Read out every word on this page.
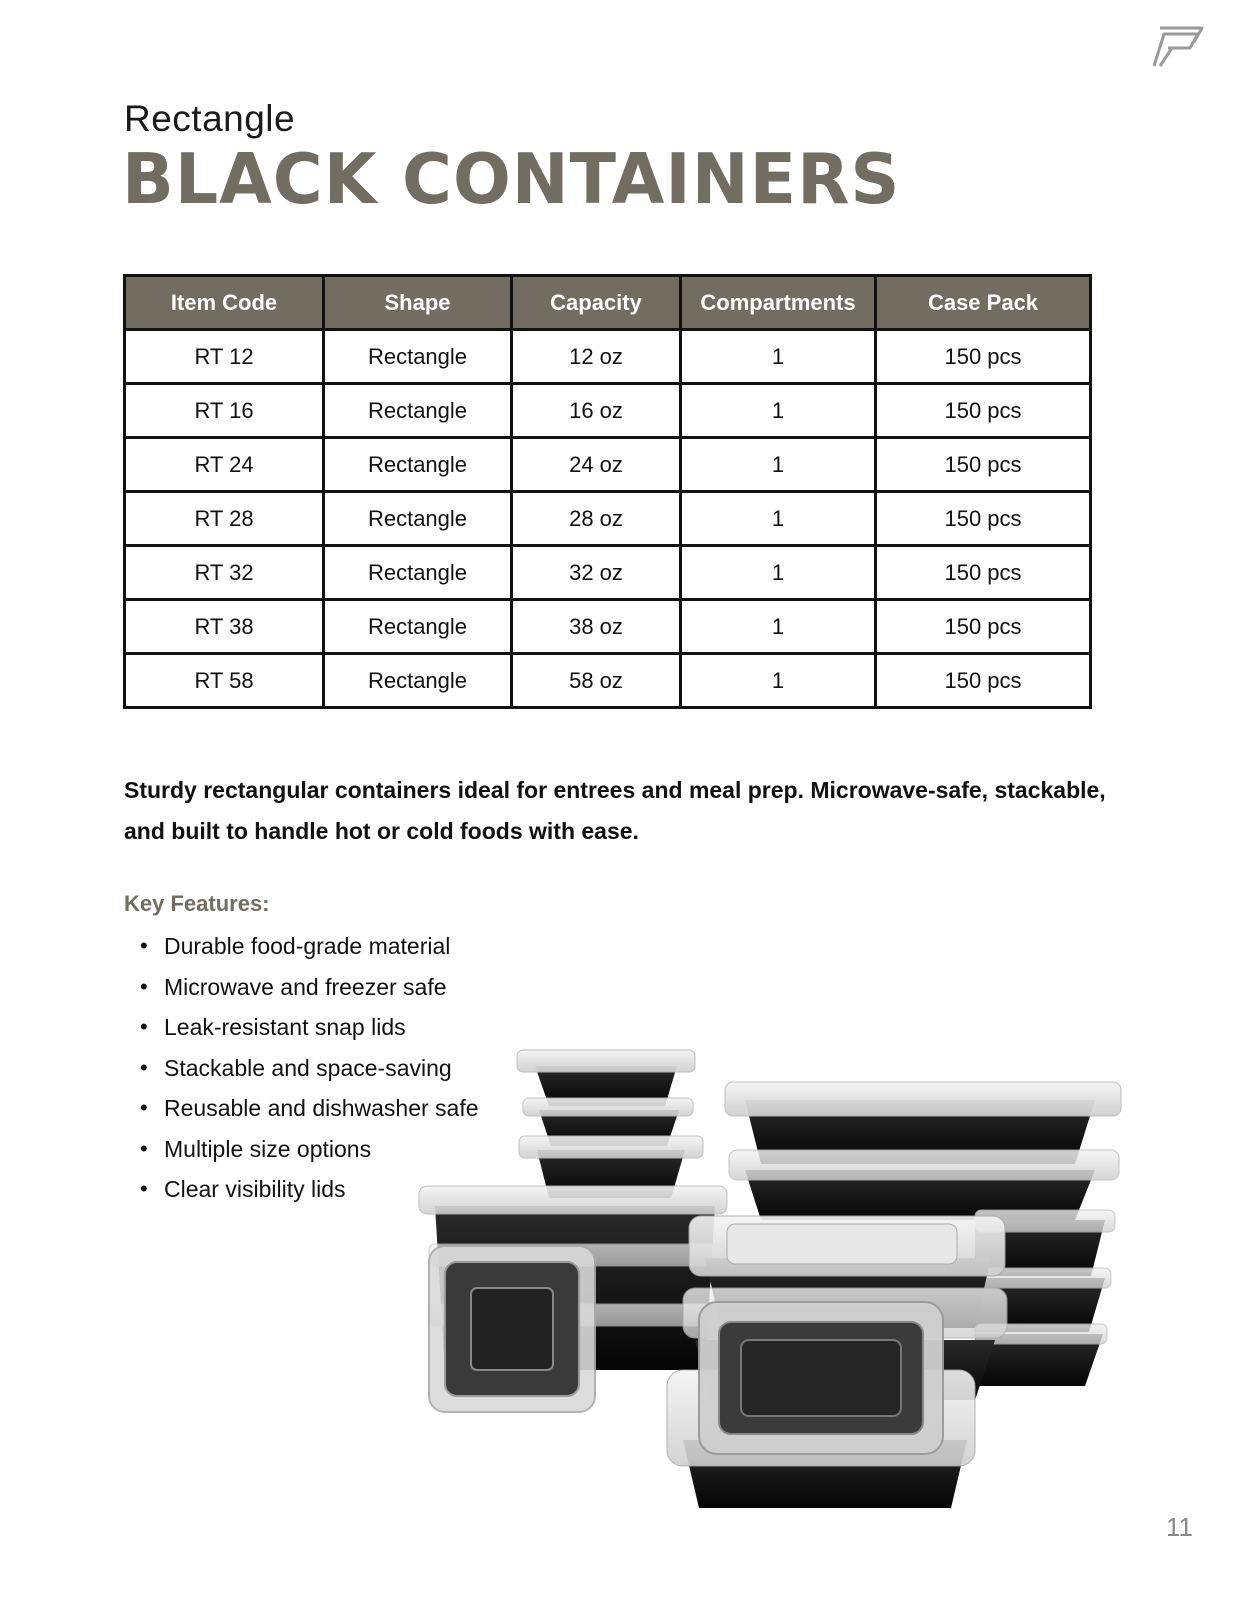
Rectangle
BLACK CONTAINERS
Item Code	Shape	Capacity	Compartments	Case Pack
RT 12	Rectangle	12 oz	1	150 pcs
RT 16	Rectangle	16 oz	1	150 pcs
RT 24	Rectangle	24 oz	1	150 pcs
RT 28	Rectangle	28 oz	1	150 pcs
RT 32	Rectangle	32 oz	1	150 pcs
RT 38	Rectangle	38 oz	1	150 pcs
RT 58	Rectangle	58 oz	1	150 pcs
Sturdy rectangular containers ideal for entrees and meal prep. Microwave-safe, stackable, and built to handle hot or cold foods with ease.
Key Features:
• Durable food-grade material
• Microwave and freezer safe
• Leak-resistant snap lids
• Stackable and space-saving
• Reusable and dishwasher safe
• Multiple size options
• Clear visibility lids
11
